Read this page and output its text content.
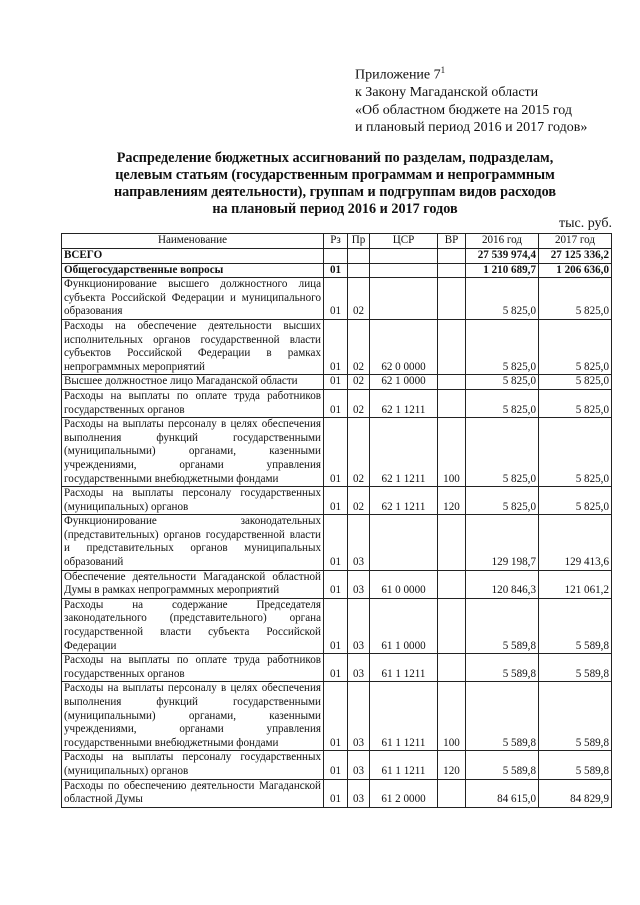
Приложение $7^1$
к Закону Магаданской области
«Об областном бюджете на 2015 год
и плановый период 2016 и 2017 годов»
Распределение бюджетных ассигнований по разделам, подразделам,
целевым статьям (государственным программам и непрограммным
направлениям деятельности), группам и подгруппам видов расходов
на плановый период 2016 и 2017 годов
тыс. руб.
Наименование	Рз	Пр	ЦСР	ВР	2016 год	2017 год
ВСЕГО					27 539 974,4	27 125 336,2
Общегосударственные вопросы	01				1 210 689,7	1 206 636,0
Функционирование высшего должностного лица субъекта Российской Федерации и муниципального образования	01	02			5 825,0	5 825,0
Расходы на обеспечение деятельности высших исполнительных органов государственной власти субъектов Российской Федерации в рамках непрограммных мероприятий	01	02	62 0 0000		5 825,0	5 825,0
Высшее должностное лицо Магаданской области	01	02	62 1 0000		5 825,0	5 825,0
Расходы на выплаты по оплате труда работников государственных органов	01	02	62 1 1211		5 825,0	5 825,0
Расходы на выплаты персоналу в целях обеспечения выполнения функций государственными (муниципальными) органами, казенными учреждениями, органами управления государственными внебюджетными фондами	01	02	62 1 1211	100	5 825,0	5 825,0
Расходы на выплаты персоналу государственных (муниципальных) органов	01	02	62 1 1211	120	5 825,0	5 825,0
Функционирование законодательных (представительных) органов государственной власти и представительных органов муниципальных образований	01	03			129 198,7	129 413,6
Обеспечение деятельности Магаданской областной Думы в рамках непрограммных мероприятий	01	03	61 0 0000		120 846,3	121 061,2
Расходы на содержание Председателя законодательного (представительного) органа государственной власти субъекта Российской Федерации	01	03	61 1 0000		5 589,8	5 589,8
Расходы на выплаты по оплате труда работников государственных органов	01	03	61 1 1211		5 589,8	5 589,8
Расходы на выплаты персоналу в целях обеспечения выполнения функций государственными (муниципальными) органами, казенными учреждениями, органами управления государственными внебюджетными фондами	01	03	61 1 1211	100	5 589,8	5 589,8
Расходы на выплаты персоналу государственных (муниципальных) органов	01	03	61 1 1211	120	5 589,8	5 589,8
Расходы по обеспечению деятельности Магаданской областной Думы	01	03	61 2 0000		84 615,0	84 829,9
